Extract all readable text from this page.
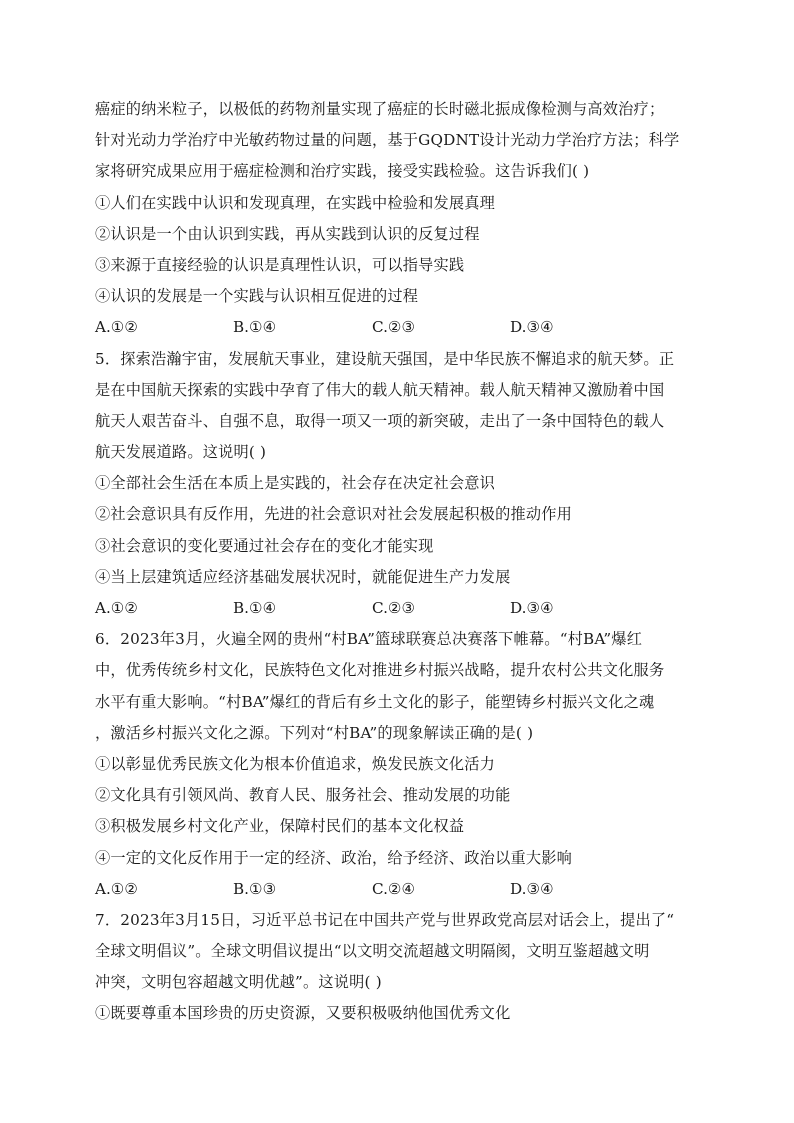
癌症的纳米粒子，以极低的药物剂量实现了癌症的长时磁北振成像检测与高效治疗；
针对光动力学治疗中光敏药物过量的问题，基于GQDNT设计光动力学治疗方法；科学
家将研究成果应用于癌症检测和治疗实践，接受实践检验。这告诉我们( )
①人们在实践中认识和发现真理，在实践中检验和发展真理
②认识是一个由认识到实践，再从实践到认识的反复过程
③来源于直接经验的认识是真理性认识，可以指导实践
④认识的发展是一个实践与认识相互促进的过程
A.①②	B.①④	C.②③	D.③④
5．探索浩瀚宇宙，发展航天事业，建设航天强国，是中华民族不懈追求的航天梦。正
是在中国航天探索的实践中孕育了伟大的载人航天精神。载人航天精神又激励着中国
航天人艰苦奋斗、自强不息，取得一项又一项的新突破，走出了一条中国特色的载人
航天发展道路。这说明( )
①全部社会生活在本质上是实践的，社会存在决定社会意识
②社会意识具有反作用，先进的社会意识对社会发展起积极的推动作用
③社会意识的变化要通过社会存在的变化才能实现
④当上层建筑适应经济基础发展状况时，就能促进生产力发展
A.①②	B.①④	C.②③	D.③④
6．2023年3月，火遍全网的贵州“村BA”篮球联赛总决赛落下帷幕。“村BA”爆红
中，优秀传统乡村文化，民族特色文化对推进乡村振兴战略，提升农村公共文化服务
水平有重大影响。“村BA”爆红的背后有乡土文化的影子，能塑铸乡村振兴文化之魂
，激活乡村振兴文化之源。下列对“村BA”的现象解读正确的是( )
①以彰显优秀民族文化为根本价值追求，焕发民族文化活力
②文化具有引领风尚、教育人民、服务社会、推动发展的功能
③积极发展乡村文化产业，保障村民们的基本文化权益
④一定的文化反作用于一定的经济、政治，给予经济、政治以重大影响
A.①②	B.①③	C.②④	D.③④
7．2023年3月15日，习近平总书记在中国共产党与世界政党高层对话会上，提出了“
全球文明倡议”。全球文明倡议提出“以文明交流超越文明隔阂，文明互鉴超越文明
冲突，文明包容超越文明优越”。这说明( )
①既要尊重本国珍贵的历史资源，又要积极吸纳他国优秀文化
